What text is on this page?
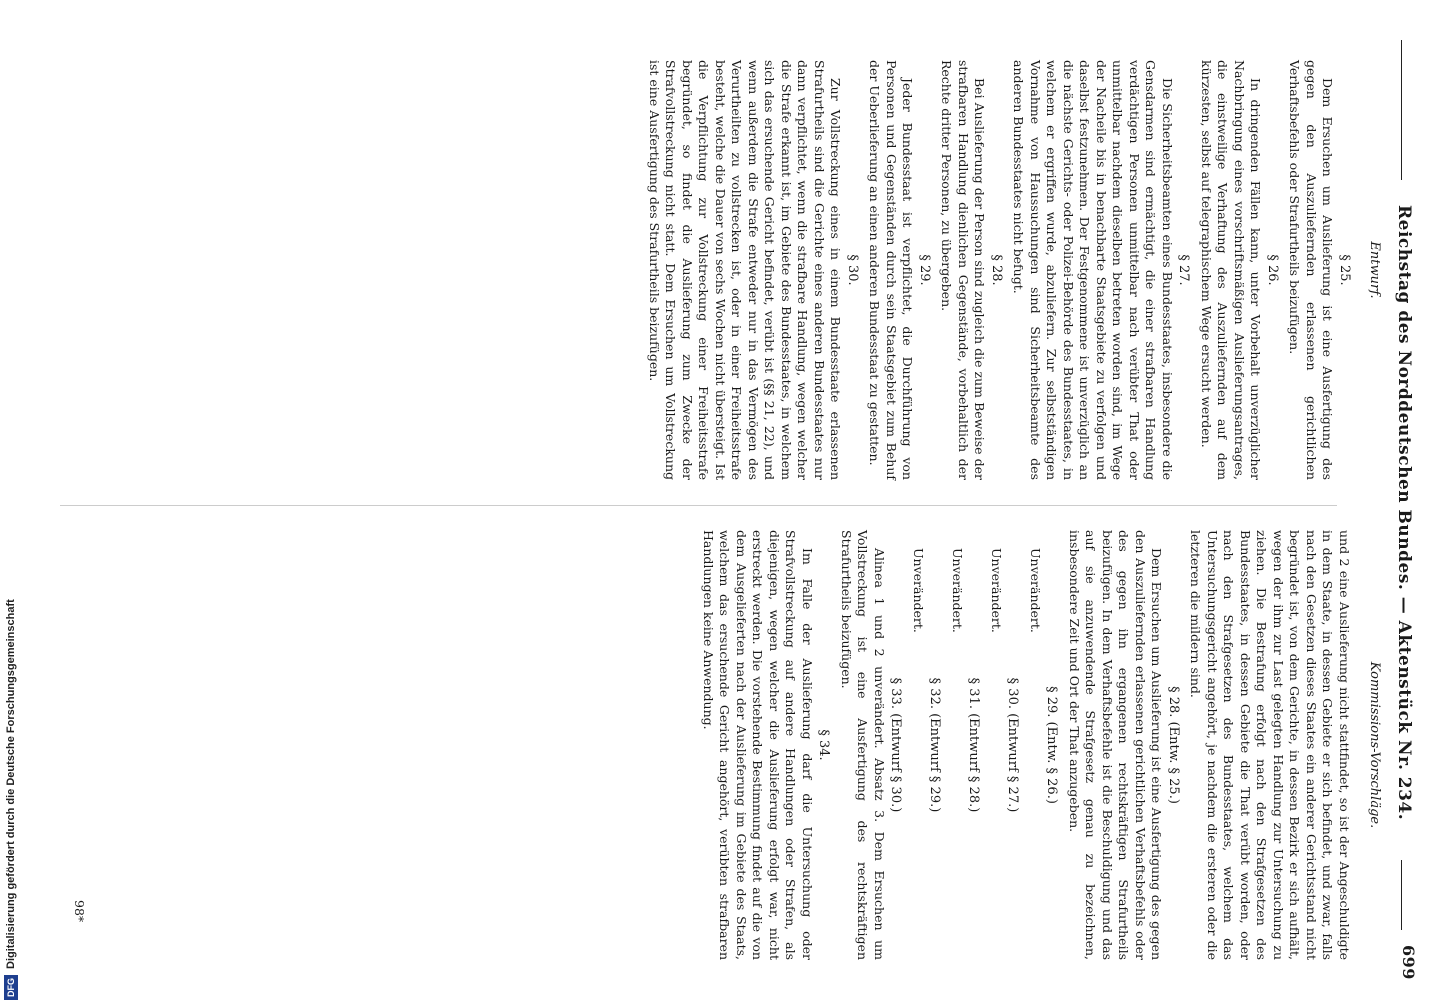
Reichstag des Norddeutschen Bundes. — Aktenstück Nr. 234.
699
Entwurf.
Kommissions-Vorschläge.
§ 25.

Dem Ersuchen um Auslieferung ist eine Ausfertigung des gegen den Auszuliefernden erlassenen gerichtlichen Verhaftsbefehls oder Strafurtheils beizufügen.

§ 26.

In dringenden Fällen kann, unter Vorbehalt unverzüglicher Nachbringung eines vorschriftsmäßigen Auslieferungsantrages, die einstweilige Verhaftung des Auszuliefernden auf dem kürzesten, selbst auf telegraphischem Wege ersucht werden.

§ 27.

Die Sicherheitsbeamten eines Bundesstaates, insbesondere die Gensdarmen sind ermächtigt, die einer strafbaren Handlung verdächtigen Personen unmittelbar nach verübter That oder unmittelbar nachdem dieselben betreten worden sind, im Wege der Nacheile bis in benachbarte Staatsgebiete zu verfolgen und daselbst festzunehmen. Der Festgenommene ist unverzüglich an die nächste Gerichts- oder Polizei-Behörde des Bundesstaates, in welchem er ergriffen wurde, abzuliefern. Zur selbstständigen Vornahme von Haussuchungen sind Sicherheitsbeamte des anderen Bundesstaates nicht befugt.

§ 28.

Bei Auslieferung der Person sind zugleich die zum Beweise der strafbaren Handlung dienlichen Gegenstände, vorbehaltlich der Rechte dritter Personen, zu übergeben.

§ 29.

Jeder Bundesstaat ist verpflichtet, die Durchführung von Personen und Gegenständen durch sein Staatsgebiet zum Behuf der Ueberlieferung an einen anderen Bundesstaat zu gestatten.

§ 30.

Zur Vollstreckung eines in einem Bundesstaate erlassenen Strafurtheils sind die Gerichte eines anderen Bundesstaates nur dann verpflichtet, wenn die strafbare Handlung, wegen welcher die Strafe erkannt ist, im Gebiete des Bundesstaates, in welchem sich das ersuchende Gericht befindet, verübt ist (§§ 21, 22), und wenn außerdem die Strafe entweder nur in das Vermögen des Verurtheilten zu vollstrecken ist, oder in einer Freiheitsstrafe besteht, welche die Dauer von sechs Wochen nicht übersteigt. Ist die Verpflichtung zur Vollstreckung einer Freiheitsstrafe begründet, so findet die Auslieferung zum Zwecke der Strafvollstreckung nicht statt. Dem Ersuchen um Vollstreckung ist eine Ausfertigung des Strafurtheils beizufügen.

und 2 eine Auslieferung nicht stattfindet, so ist der Angeschuldigte in dem Staate, in dessen Gebiete er sich befindet, und zwar, falls nach den Gesetzen dieses Staates ein anderer Gerichtsstand nicht begründet ist, von dem Gerichte, in dessen Bezirk er sich aufhält, wegen der ihm zur Last gelegten Handlung zur Untersuchung zu ziehen. Die Bestrafung erfolgt nach den Strafgesetzen des Bundesstaates, in dessen Gebiete die That verübt worden, oder nach den Strafgesetzen des Bundesstaates, welchem das Untersuchungsgericht angehört, je nachdem die ersteren oder die letzteren die mildern sind.

§ 28. (Entw. § 25.)

Dem Ersuchen um Auslieferung ist eine Ausfertigung des gegen den Auszuliefernden erlassenen gerichtlichen Verhaftsbefehls oder des gegen ihn ergangenen rechtskräftigen Strafurtheils beizufügen. In dem Verhaftsbefehle ist die Beschuldigung und das auf sie anzuwendende Strafgesetz genau zu bezeichnen, insbesondere Zeit und Ort der That anzugeben.

§ 29. (Entw. § 26.)

Unverändert.

§ 30. (Entwurf § 27.)

Unverändert.

§ 31. (Entwurf § 28.)

Unverändert.

§ 32. (Entwurf § 29.)

Unverändert.

§ 33. (Entwurf § 30.)

Alinea 1 und 2 unverändert. Absatz 3. Dem Ersuchen um Vollstreckung ist eine Ausfertigung des rechtskräftigen Strafurtheils beizufügen.

§ 34.

Im Falle der Auslieferung darf die Untersuchung oder Strafvollstreckung auf andere Handlungen oder Strafen, als diejenigen, wegen welcher die Auslieferung erfolgt war, nicht erstreckt werden. Die vorstehende Bestimmung findet auf die von dem Ausgelieferten nach der Auslieferung im Gebiete des Staats, welchem das ersuchende Gericht angehört, verübten strafbaren Handlungen keine Anwendung.

98*
DFGDigitalisierung gefördert durch die Deutsche Forschungsgemeinschaft
